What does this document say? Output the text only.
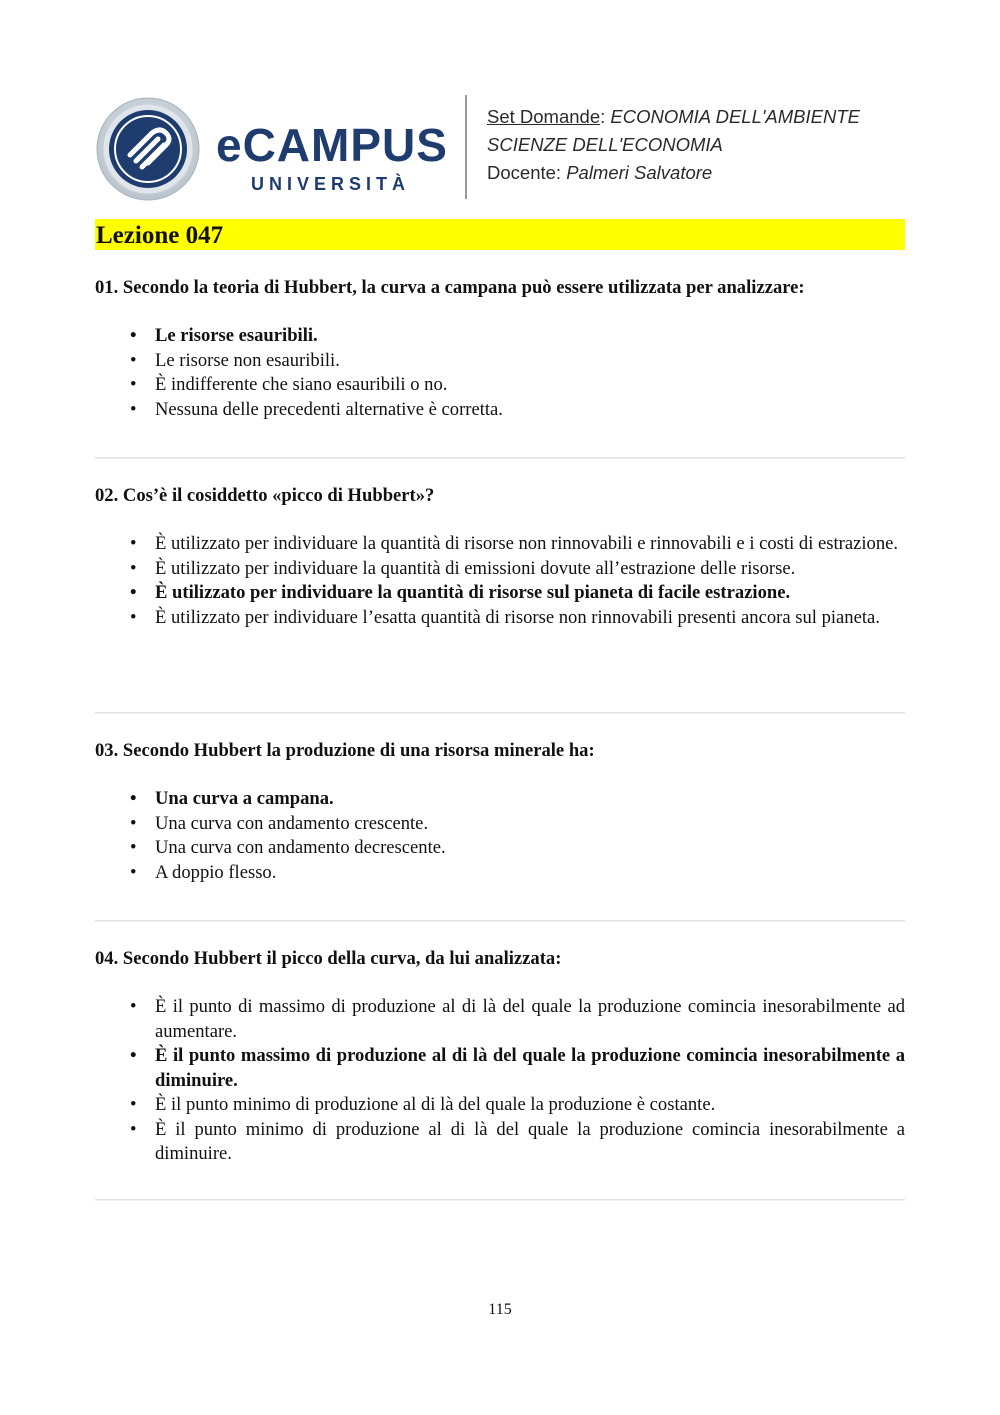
eCAMPUS
UNIVERSITÀ
Set Domande: ECONOMIA DELL'AMBIENTE
SCIENZE DELL'ECONOMIA
Docente: Palmeri Salvatore
Lezione 047

01. Secondo la teoria di Hubbert, la curva a campana può essere utilizzata per analizzare:

• Le risorse esauribili.
• Le risorse non esauribili.
• È indifferente che siano esauribili o no.
• Nessuna delle precedenti alternative è corretta.

02. Cos’è il cosiddetto «picco di Hubbert»?

• È utilizzato per individuare la quantità di risorse non rinnovabili e rinnovabili e i costi di estrazione.
• È utilizzato per individuare la quantità di emissioni dovute all’estrazione delle risorse.
• È utilizzato per individuare la quantità di risorse sul pianeta di facile estrazione.
• È utilizzato per individuare l’esatta quantità di risorse non rinnovabili presenti ancora sul pianeta.

03. Secondo Hubbert la produzione di una risorsa minerale ha:

• Una curva a campana.
• Una curva con andamento crescente.
• Una curva con andamento decrescente.
• A doppio flesso.

04. Secondo Hubbert il picco della curva, da lui analizzata:

• È il punto di massimo di produzione al di là del quale la produzione comincia inesorabilmente ad aumentare.
• È il punto massimo di produzione al di là del quale la produzione comincia inesorabilmente a diminuire.
• È il punto minimo di produzione al di là del quale la produzione è costante.
• È il punto minimo di produzione al di là del quale la produzione comincia inesorabilmente a diminuire.
115
